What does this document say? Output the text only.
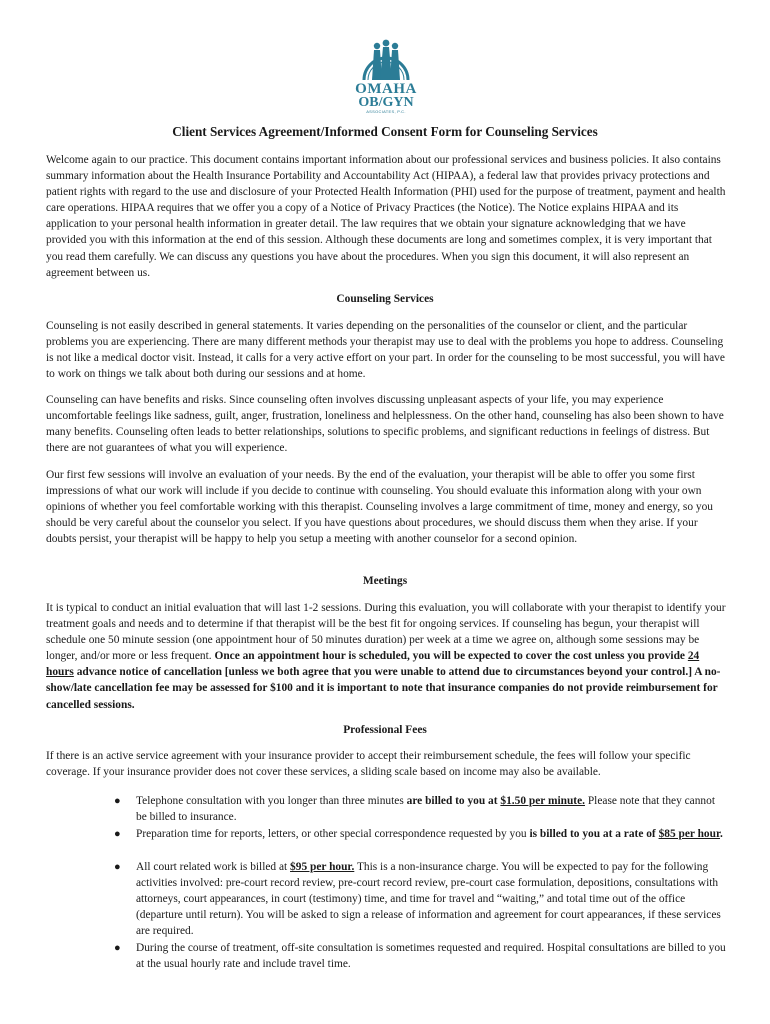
OMAHA
OB/GYN
ASSOCIATES, P.C.
Client Services Agreement/Informed Consent Form for Counseling Services

Welcome again to our practice. This document contains important information about our professional services and business policies. It also contains summary information about the Health Insurance Portability and Accountability Act (HIPAA), a federal law that provides privacy protections and patient rights with regard to the use and disclosure of your Protected Health Information (PHI) used for the purpose of treatment, payment and health care operations. HIPAA requires that we offer you a copy of a Notice of Privacy Practices (the Notice). The Notice explains HIPAA and its application to your personal health information in greater detail. The law requires that we obtain your signature acknowledging that we have provided you with this information at the end of this session. Although these documents are long and sometimes complex, it is very important that you read them carefully. We can discuss any questions you have about the procedures. When you sign this document, it will also represent an agreement between us.

Counseling Services

Counseling is not easily described in general statements. It varies depending on the personalities of the counselor or client, and the particular problems you are experiencing. There are many different methods your therapist may use to deal with the problems you hope to address. Counseling is not like a medical doctor visit. Instead, it calls for a very active effort on your part. In order for the counseling to be most successful, you will have to work on things we talk about both during our sessions and at home.

Counseling can have benefits and risks. Since counseling often involves discussing unpleasant aspects of your life, you may experience uncomfortable feelings like sadness, guilt, anger, frustration, loneliness and helplessness. On the other hand, counseling has also been shown to have many benefits. Counseling often leads to better relationships, solutions to specific problems, and significant reductions in feelings of distress. But there are not guarantees of what you will experience.

Our first few sessions will involve an evaluation of your needs. By the end of the evaluation, your therapist will be able to offer you some first impressions of what our work will include if you decide to continue with counseling. You should evaluate this information along with your own opinions of whether you feel comfortable working with this therapist. Counseling involves a large commitment of time, money and energy, so you should be very careful about the counselor you select. If you have questions about procedures, we should discuss them when they arise. If your doubts persist, your therapist will be happy to help you setup a meeting with another counselor for a second opinion.

Meetings

It is typical to conduct an initial evaluation that will last 1-2 sessions. During this evaluation, you will collaborate with your therapist to identify your treatment goals and needs and to determine if that therapist will be the best fit for ongoing services. If counseling has begun, your therapist will schedule one 50 minute session (one appointment hour of 50 minutes duration) per week at a time we agree on, although some sessions may be longer, and/or more or less frequent. Once an appointment hour is scheduled, you will be expected to cover the cost unless you provide 24 hours advance notice of cancellation [unless we both agree that you were unable to attend due to circumstances beyond your control.] A no-show/late cancellation fee may be assessed for $100 and it is important to note that insurance companies do not provide reimbursement for cancelled sessions.

Professional Fees

If there is an active service agreement with your insurance provider to accept their reimbursement schedule, the fees will follow your specific coverage. If your insurance provider does not cover these services, a sliding scale based on income may also be available.

● Telephone consultation with you longer than three minutes are billed to you at $1.50 per minute. Please note that they cannot be billed to insurance.
● Preparation time for reports, letters, or other special correspondence requested by you is billed to you at a rate of $85 per hour.
● All court related work is billed at $95 per hour. This is a non-insurance charge. You will be expected to pay for the following activities involved: pre-court record review, pre-court record review, pre-court case formulation, depositions, consultations with attorneys, court appearances, in court (testimony) time, and time for travel and “waiting,” and total time out of the office (departure until return). You will be asked to sign a release of information and agreement for court appearances, if these services are required.
● During the course of treatment, off-site consultation is sometimes requested and required. Hospital consultations are billed to you at the usual hourly rate and include travel time.
